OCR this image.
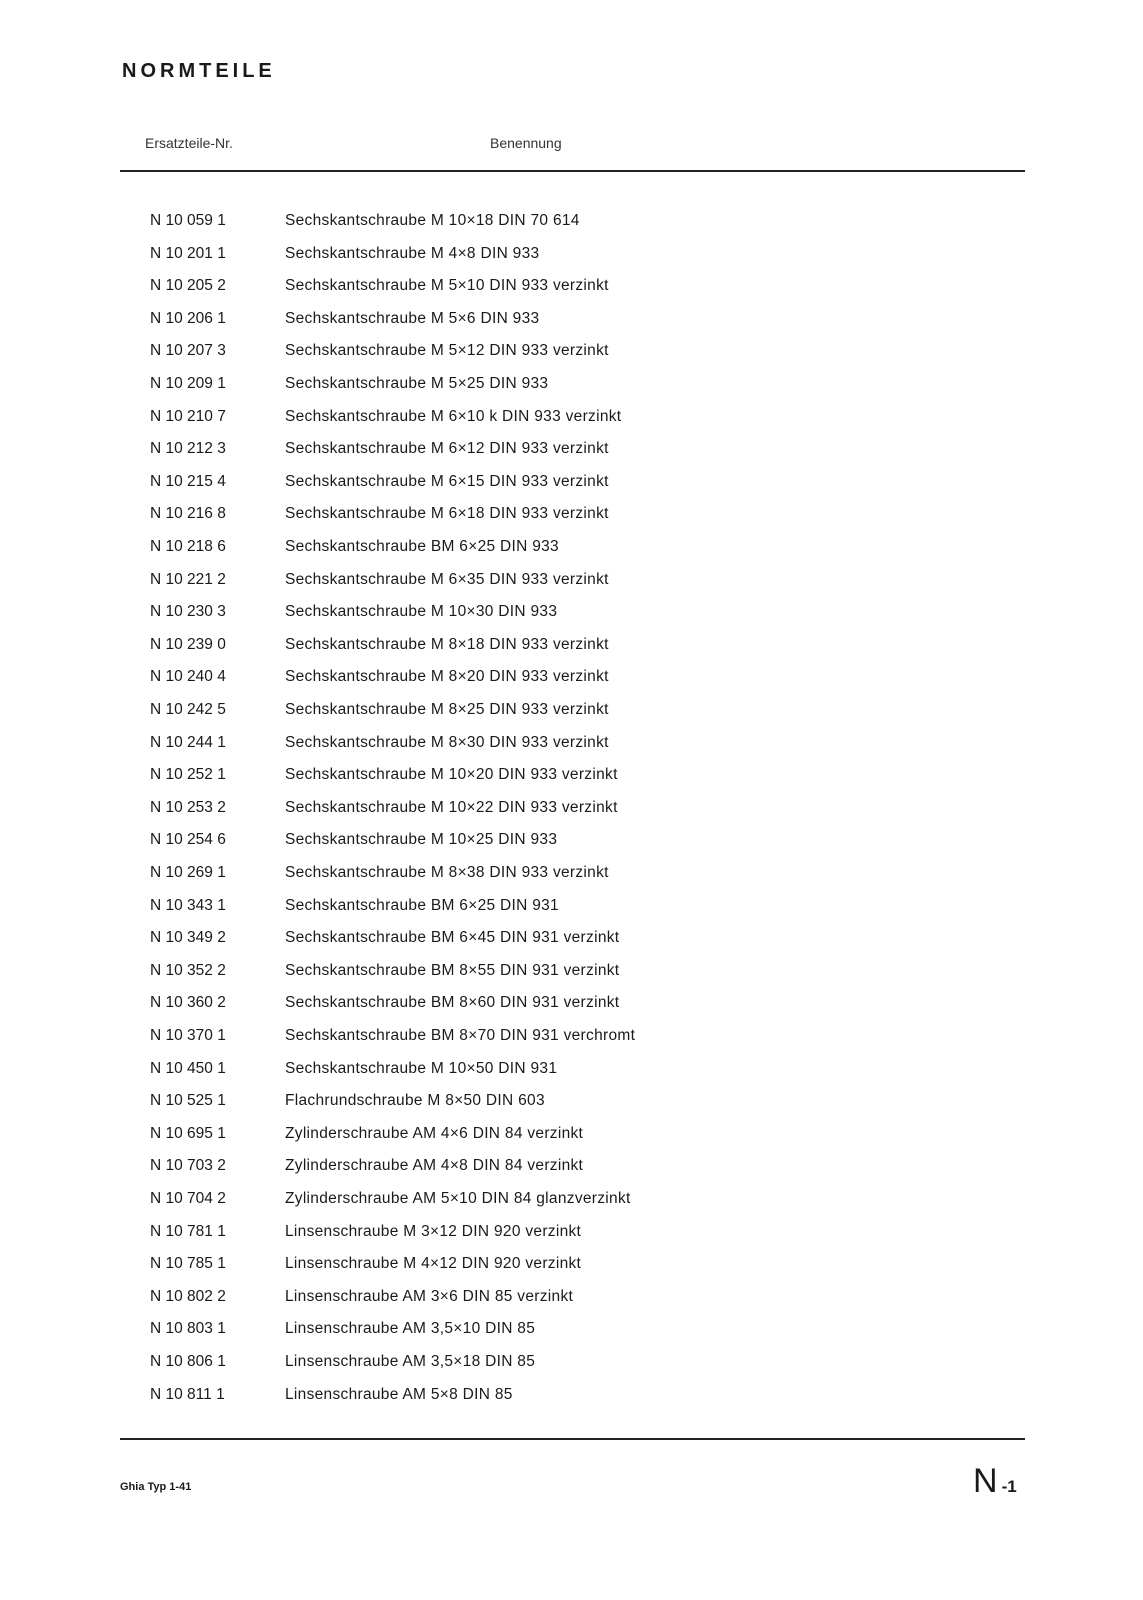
NORMTEILE
Ersatzteile-Nr.	Benennung
N 10 059 1	Sechskantschraube M 10×18 DIN 70 614
N 10 201 1	Sechskantschraube M 4×8 DIN 933
N 10 205 2	Sechskantschraube M 5×10 DIN 933 verzinkt
N 10 206 1	Sechskantschraube M 5×6 DIN 933
N 10 207 3	Sechskantschraube M 5×12 DIN 933 verzinkt
N 10 209 1	Sechskantschraube M 5×25 DIN 933
N 10 210 7	Sechskantschraube M 6×10 k DIN 933 verzinkt
N 10 212 3	Sechskantschraube M 6×12 DIN 933 verzinkt
N 10 215 4	Sechskantschraube M 6×15 DIN 933 verzinkt
N 10 216 8	Sechskantschraube M 6×18 DIN 933 verzinkt
N 10 218 6	Sechskantschraube BM 6×25 DIN 933
N 10 221 2	Sechskantschraube M 6×35 DIN 933 verzinkt
N 10 230 3	Sechskantschraube M 10×30 DIN 933
N 10 239 0	Sechskantschraube M 8×18 DIN 933 verzinkt
N 10 240 4	Sechskantschraube M 8×20 DIN 933 verzinkt
N 10 242 5	Sechskantschraube M 8×25 DIN 933 verzinkt
N 10 244 1	Sechskantschraube M 8×30 DIN 933 verzinkt
N 10 252 1	Sechskantschraube M 10×20 DIN 933 verzinkt
N 10 253 2	Sechskantschraube M 10×22 DIN 933 verzinkt
N 10 254 6	Sechskantschraube M 10×25 DIN 933
N 10 269 1	Sechskantschraube M 8×38 DIN 933 verzinkt
N 10 343 1	Sechskantschraube BM 6×25 DIN 931
N 10 349 2	Sechskantschraube BM 6×45 DIN 931 verzinkt
N 10 352 2	Sechskantschraube BM 8×55 DIN 931 verzinkt
N 10 360 2	Sechskantschraube BM 8×60 DIN 931 verzinkt
N 10 370 1	Sechskantschraube BM 8×70 DIN 931 verchromt
N 10 450 1	Sechskantschraube M 10×50 DIN 931
N 10 525 1	Flachrundschraube M 8×50 DIN 603
N 10 695 1	Zylinderschraube AM 4×6 DIN 84 verzinkt
N 10 703 2	Zylinderschraube AM 4×8 DIN 84 verzinkt
N 10 704 2	Zylinderschraube AM 5×10 DIN 84 glanzverzinkt
N 10 781 1	Linsenschraube M 3×12 DIN 920 verzinkt
N 10 785 1	Linsenschraube M 4×12 DIN 920 verzinkt
N 10 802 2	Linsenschraube AM 3×6 DIN 85 verzinkt
N 10 803 1	Linsenschraube AM 3,5×10 DIN 85
N 10 806 1	Linsenschraube AM 3,5×18 DIN 85
N 10 811 1	Linsenschraube AM 5×8 DIN 85
Ghia Typ 1-41	N -1
